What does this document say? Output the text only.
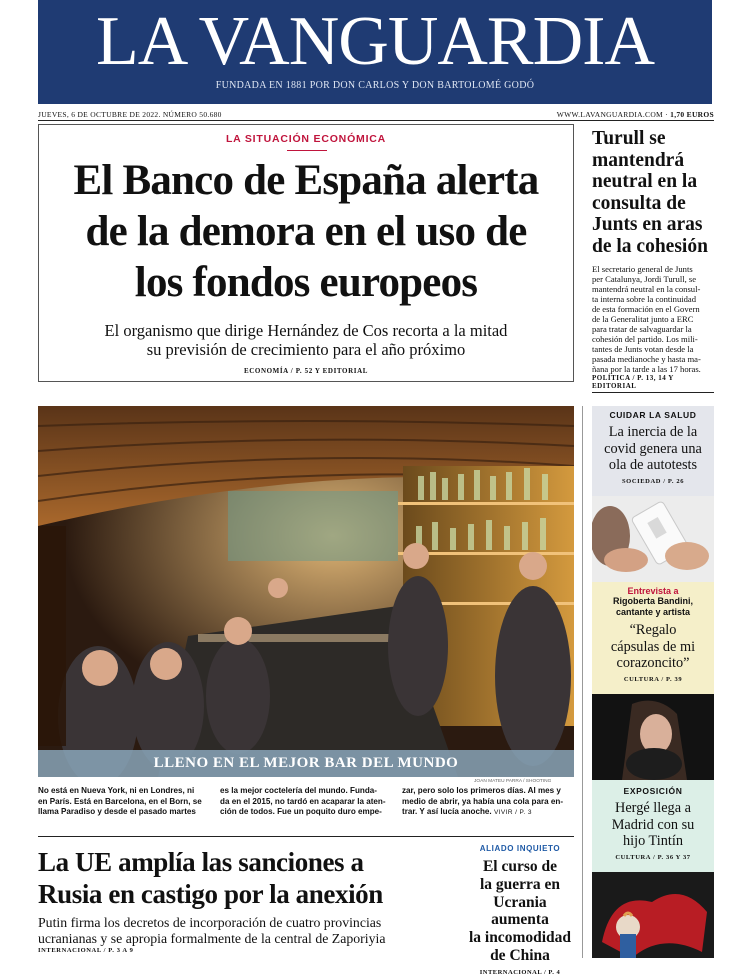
LA VANGUARDIA
FUNDADA EN 1881 POR DON CARLOS Y DON BARTOLOMÉ GODÓ
JUEVES, 6 DE OCTUBRE DE 2022. NÚMERO 50.680	WWW.LAVANGUARDIA.COM · 1,70 EUROS
LA SITUACIÓN ECONÓMICA
El Banco de España alerta
de la demora en el uso de
los fondos europeos
El organismo que dirige Hernández de Cos recorta a la mitad
su previsión de crecimiento para el año próximo
ECONOMÍA / P. 52 Y EDITORIAL
Turull se
mantendrá
neutral en la
consulta de
Junts en aras
de la cohesión
El secretario general de Junts
per Catalunya, Jordi Turull, se
mantendrá neutral en la consul-
ta interna sobre la continuidad
de esta formación en el Govern
de la Generalitat junto a ERC
para tratar de salvaguardar la
cohesión del partido. Los mili-
tantes de Junts votan desde la
pasada medianoche y hasta ma-
ñana por la tarde a las 17 horas.
POLÍTICA / P. 13, 14 Y EDITORIAL
LLENO EN EL MEJOR BAR DEL MUNDO
JOAN MATEU PARRA / SHOOTING
No está en Nueva York, ni en Londres, ni
en París. Está en Barcelona, en el Born, se
llama Paradiso y desde el pasado martes
es la mejor coctelería del mundo. Funda-
da en el 2015, no tardó en acaparar la aten-
ción de todos. Fue un poquito duro empe-
zar, pero solo los primeros días. Al mes y
medio de abrir, ya había una cola para en-
trar. Y así lucía anoche. VIVIR / P. 3
La UE amplía las sanciones a
Rusia en castigo por la anexión
Putin firma los decretos de incorporación de cuatro provincias
ucranianas y se apropia formalmente de la central de Zaporiyia
INTERNACIONAL / P. 3 A 9
ALIADO INQUIETO
El curso de
la guerra en
Ucrania aumenta
la incomodidad
de China
INTERNACIONAL / P. 4
CUIDAR LA SALUD
La inercia de la
covid genera una
ola de autotests
SOCIEDAD / P. 26
Entrevista a
Rigoberta Bandini,
cantante y artista
“Regalo
cápsulas de mi
corazoncito”
CULTURA / P. 39
EXPOSICIÓN
Hergé llega a
Madrid con su
hijo Tintín
CULTURA / P. 36 Y 37
